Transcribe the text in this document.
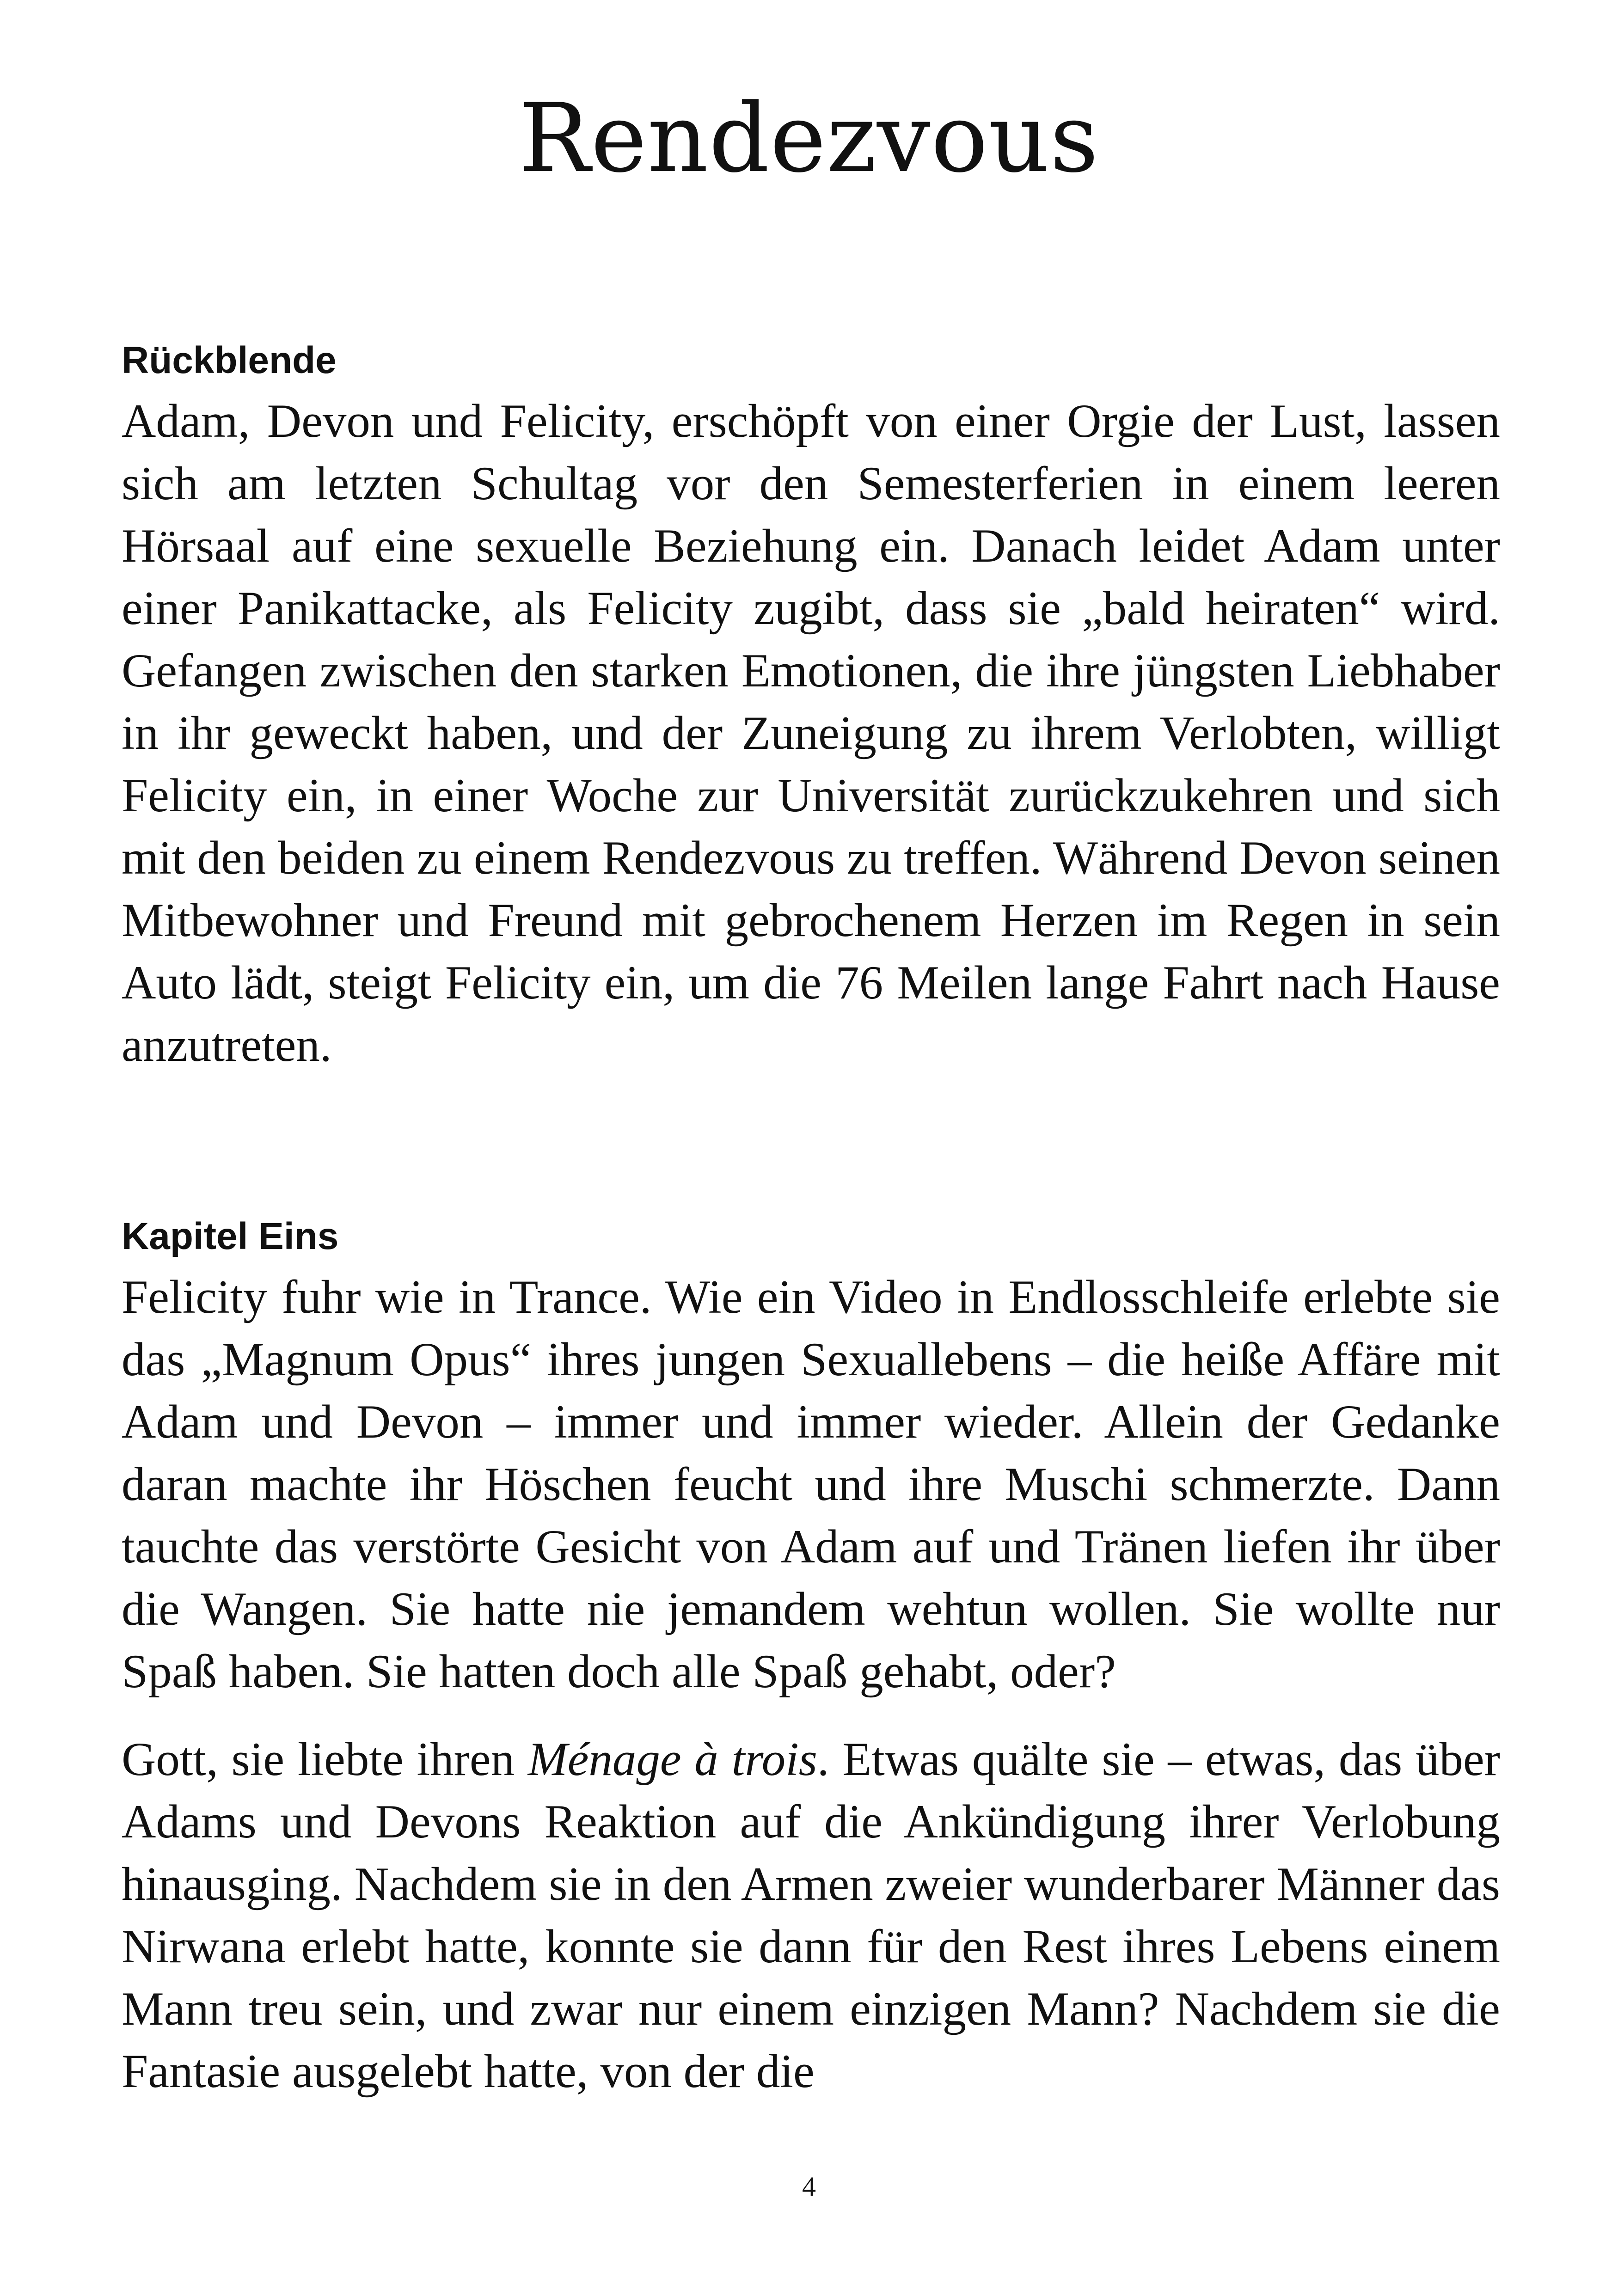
Rendezvous
Rückblende

Adam, Devon und Felicity, erschöpft von einer Orgie der Lust, lassen sich am letzten Schultag vor den Semesterferien in einem leeren Hörsaal auf eine sexuelle Beziehung ein. Danach leidet Adam unter einer Panikattacke, als Felicity zugibt, dass sie „bald heiraten“ wird. Gefangen zwischen den starken Emotionen, die ihre jüngsten Liebhaber in ihr geweckt haben, und der Zuneigung zu ihrem Verlobten, willigt Felicity ein, in einer Woche zur Universität zurückzukehren und sich mit den beiden zu einem Rendezvous zu treffen. Während Devon seinen Mitbewohner und Freund mit gebrochenem Herzen im Regen in sein Auto lädt, steigt Felicity ein, um die 76 Meilen lange Fahrt nach Hause anzutreten.

Kapitel Eins

Felicity fuhr wie in Trance. Wie ein Video in Endlosschleife erlebte sie das „Magnum Opus“ ihres jungen Sexuallebens – die heiße Affäre mit Adam und Devon – immer und immer wieder. Allein der Gedanke daran machte ihr Höschen feucht und ihre Muschi schmerzte. Dann tauchte das verstörte Gesicht von Adam auf und Tränen liefen ihr über die Wangen. Sie hatte nie jemandem wehtun wollen. Sie wollte nur Spaß haben. Sie hatten doch alle Spaß gehabt, oder?

Gott, sie liebte ihren Ménage à trois. Etwas quälte sie – etwas, das über Adams und Devons Reaktion auf die Ankündigung ihrer Verlobung hinausging. Nachdem sie in den Armen zweier wunderbarer Männer das Nirwana erlebt hatte, konnte sie dann für den Rest ihres Lebens einem Mann treu sein, und zwar nur einem einzigen Mann? Nachdem sie die Fantasie ausgelebt hatte, von der die

4
